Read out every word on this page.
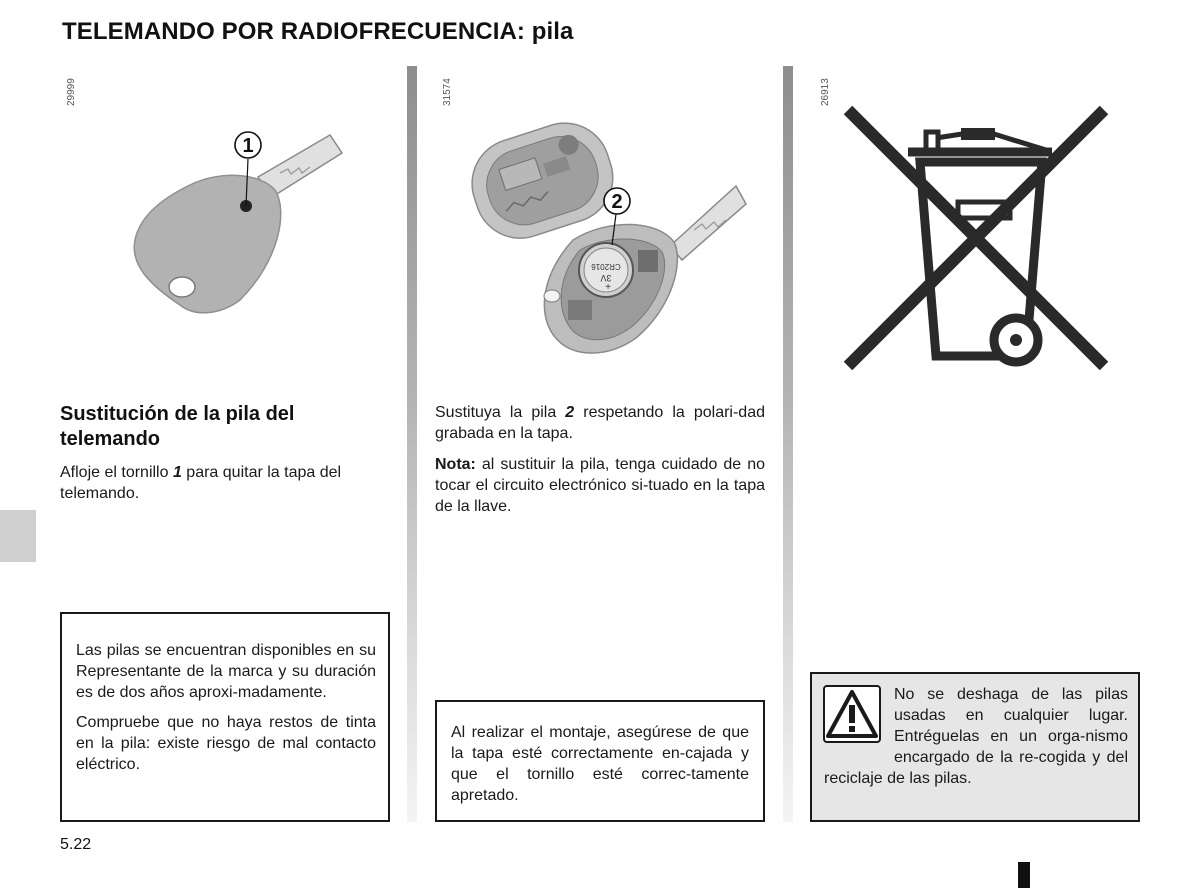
TELEMANDO POR RADIOFRECUENCIA: pila
29999
1
Sustitución de la pila del telemando

Afloje el tornillo 1 para quitar la tapa del telemando.

Las pilas se encuentran disponibles en su Representante de la marca y su duración es de dos años aproxi-madamente.

Compruebe que no haya restos de tinta en la pila: existe riesgo de mal contacto eléctrico.

31574
3V
CR2016
+
2

Sustituya la pila 2 respetando la polari-dad grabada en la tapa.

Nota: al sustituir la pila, tenga cuidado de no tocar el circuito electrónico si-tuado en la tapa de la llave.

Al realizar el montaje, asegúrese de que la tapa esté correctamente en-cajada y que el tornillo esté correc-tamente apretado.
26913

No se deshaga de las pilas usadas en cualquier lugar. Entréguelas en un orga-nismo encargado de la re-cogida y del reciclaje de las pilas.

5.22
